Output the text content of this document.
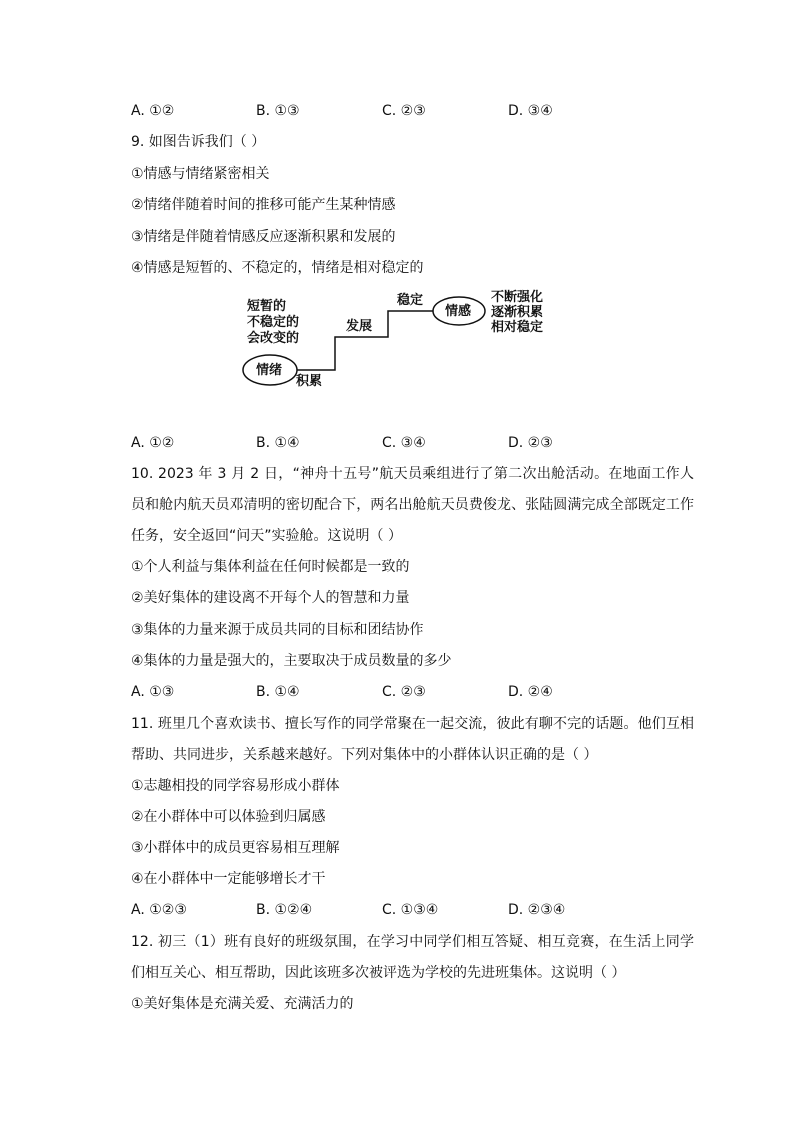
A. ①②	B. ①③	C. ②③	D. ③④
9. 如图告诉我们（ ）
①情感与情绪紧密相关
②情绪伴随着时间的推移可能产生某种情感
③情绪是伴随着情感反应逐渐积累和发展的
④情感是短暂的、不稳定的，情绪是相对稳定的
短暂的
不稳定的
会改变的
情绪
积累
发展
稳定
情感
不断强化
逐渐积累
相对稳定
A. ①②	B. ①④	C. ③④	D. ②③
10. 2023 年 3 月 2 日，“神舟十五号”航天员乘组进行了第二次出舱活动。在地面工作人员和舱内航天员邓清明的密切配合下，两名出舱航天员费俊龙、张陆圆满完成全部既定工作任务，安全返回“问天”实验舱。这说明（ ）
①个人利益与集体利益在任何时候都是一致的
②美好集体的建设离不开每个人的智慧和力量
③集体的力量来源于成员共同的目标和团结协作
④集体的力量是强大的，主要取决于成员数量的多少
A. ①③	B. ①④	C. ②③	D. ②④
11. 班里几个喜欢读书、擅长写作的同学常聚在一起交流，彼此有聊不完的话题。他们互相帮助、共同进步，关系越来越好。下列对集体中的小群体认识正确的是（ ）
①志趣相投的同学容易形成小群体
②在小群体中可以体验到归属感
③小群体中的成员更容易相互理解
④在小群体中一定能够增长才干
A. ①②③	B. ①②④	C. ①③④	D. ②③④
12. 初三（1）班有良好的班级氛围，在学习中同学们相互答疑、相互竞赛，在生活上同学们相互关心、相互帮助，因此该班多次被评选为学校的先进班集体。这说明（ ）
①美好集体是充满关爱、充满活力的
